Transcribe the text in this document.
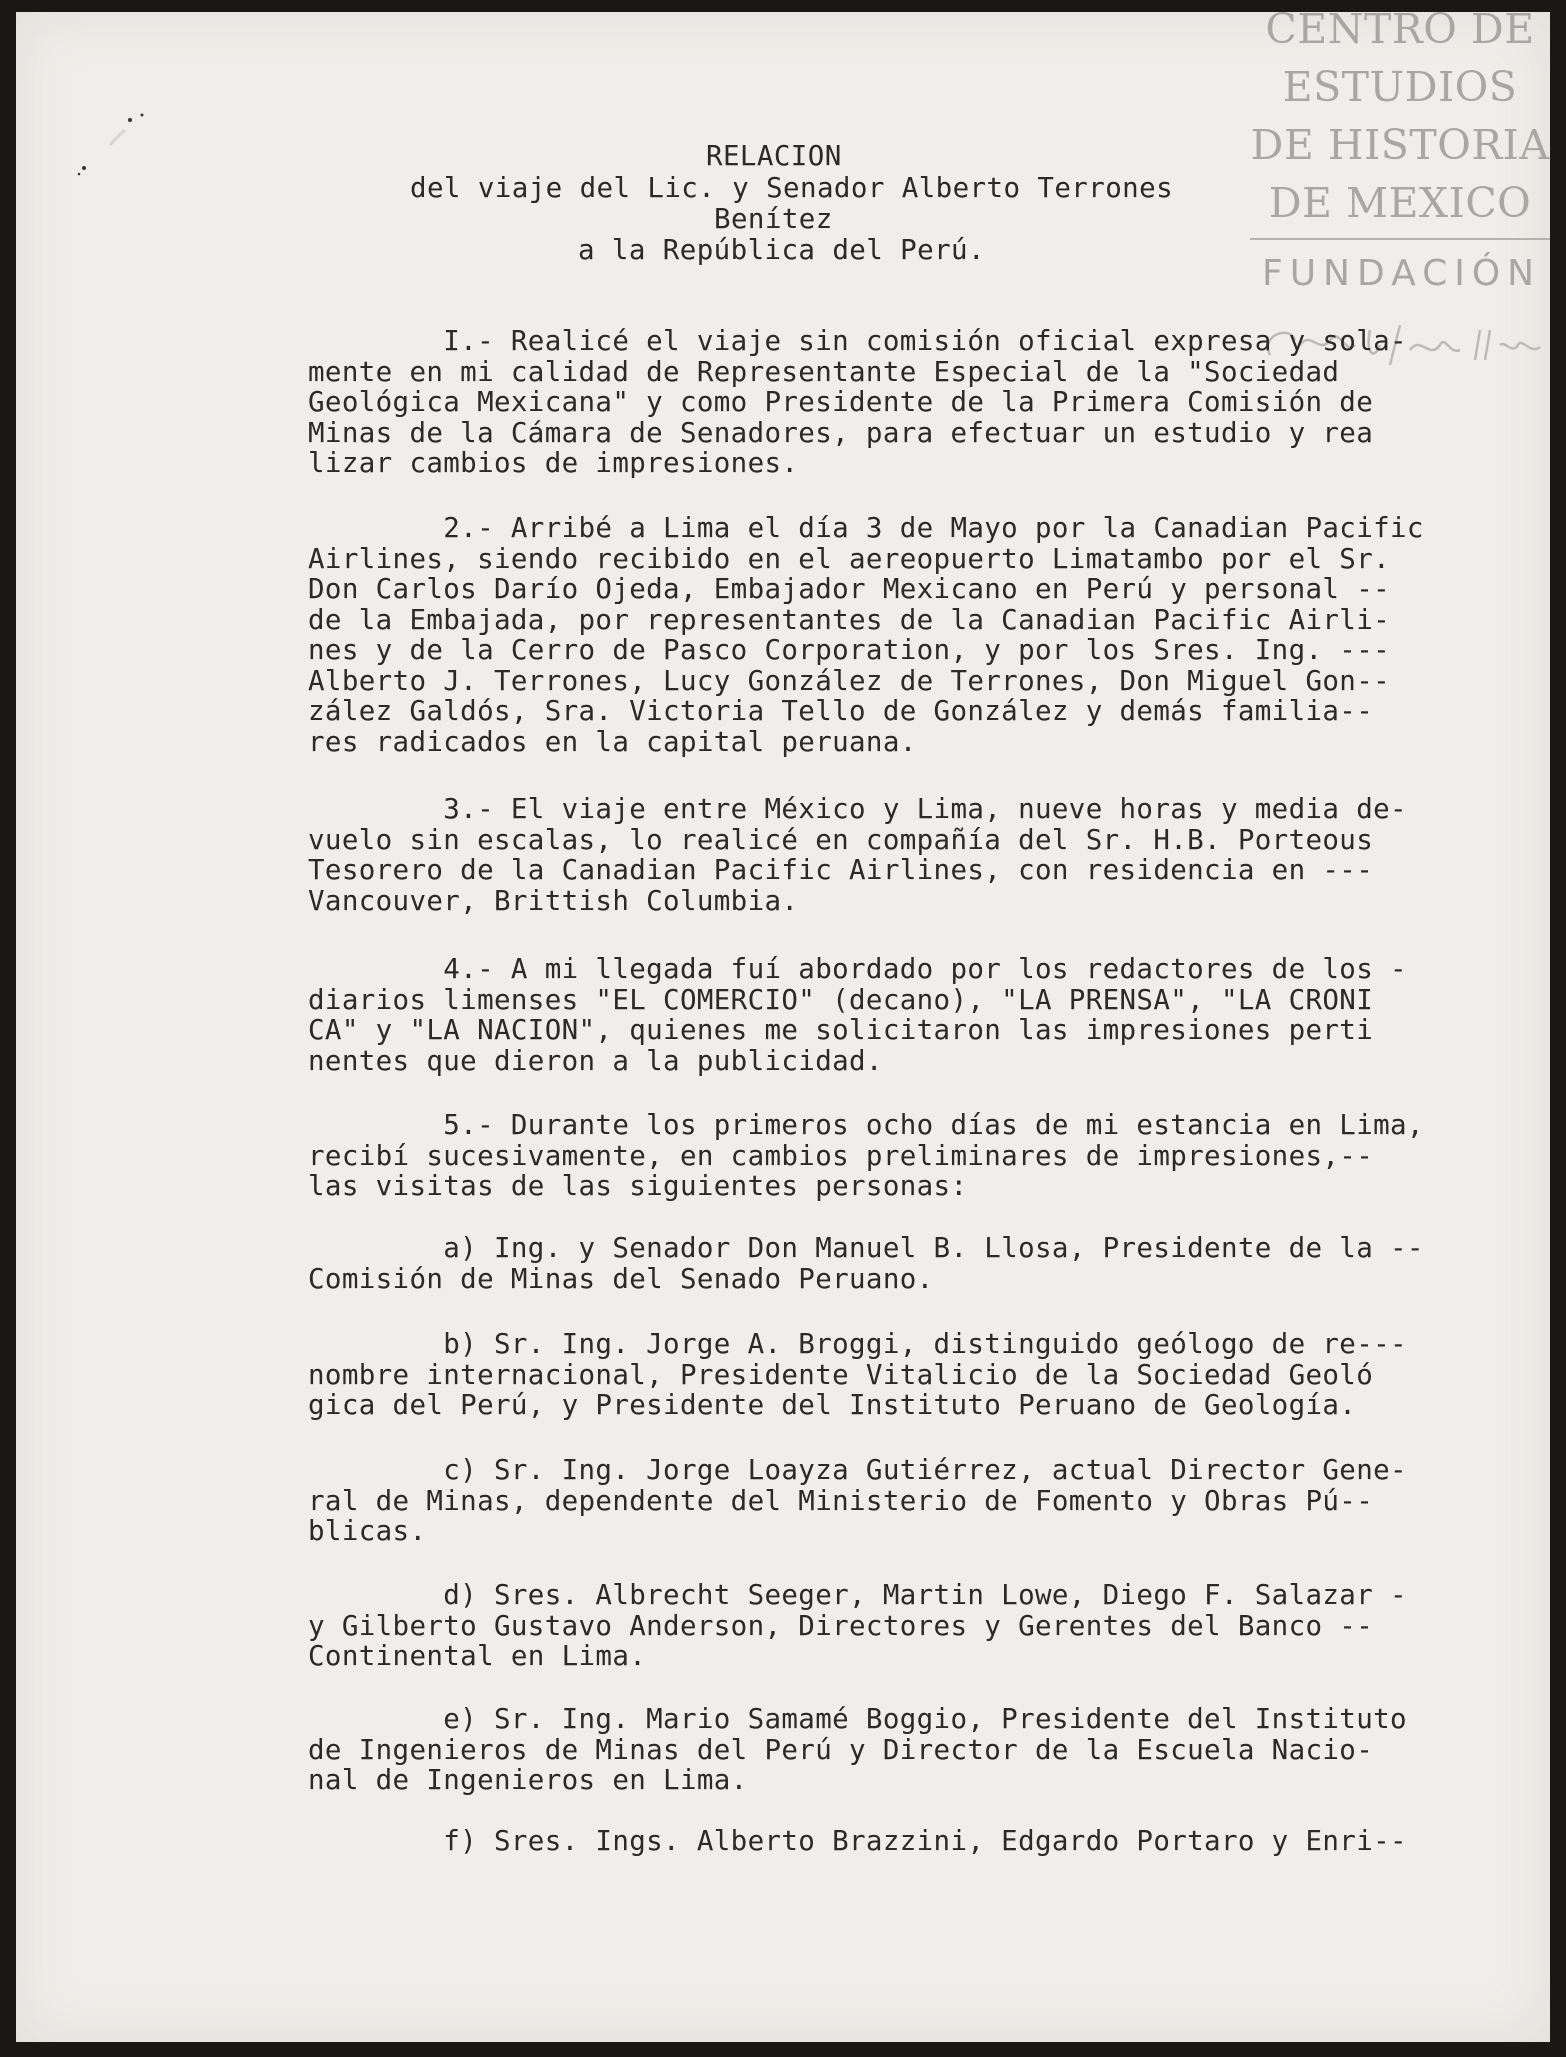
CENTRO DE
ESTUDIOS
DE HISTORIA
DE MEXICO
FUNDACIÓN
RELACION
del viaje del Lic. y Senador Alberto Terrones
Benítez
a la República del Perú.
I.- Realicé el viaje sin comisión oficial expresa y sola-
mente en mi calidad de Representante Especial de la "Sociedad
Geológica Mexicana" y como Presidente de la Primera Comisión de
Minas de la Cámara de Senadores, para efectuar un estudio y rea
lizar cambios de impresiones.
2.- Arribé a Lima el día 3 de Mayo por la Canadian Pacific
Airlines, siendo recibido en el aereopuerto Limatambo por el Sr.
Don Carlos Darío Ojeda, Embajador Mexicano en Perú y personal --
de la Embajada, por representantes de la Canadian Pacific Airli-
nes y de la Cerro de Pasco Corporation, y por los Sres. Ing. ---
Alberto J. Terrones, Lucy González de Terrones, Don Miguel Gon--
zález Galdós, Sra. Victoria Tello de González y demás familia--
res radicados en la capital peruana.
3.- El viaje entre México y Lima, nueve horas y media de-
vuelo sin escalas, lo realicé en compañía del Sr. H.B. Porteous
Tesorero de la Canadian Pacific Airlines, con residencia en ---
Vancouver, Brittish Columbia.
4.- A mi llegada fuí abordado por los redactores de los -
diarios limenses "EL COMERCIO" (decano), "LA PRENSA", "LA CRONI
CA" y "LA NACION", quienes me solicitaron las impresiones perti
nentes que dieron a la publicidad.
5.- Durante los primeros ocho días de mi estancia en Lima,
recibí sucesivamente, en cambios preliminares de impresiones,--
las visitas de las siguientes personas:
a) Ing. y Senador Don Manuel B. Llosa, Presidente de la --
Comisión de Minas del Senado Peruano.
b) Sr. Ing. Jorge A. Broggi, distinguido geólogo de re---
nombre internacional, Presidente Vitalicio de la Sociedad Geoló
gica del Perú, y Presidente del Instituto Peruano de Geología.
c) Sr. Ing. Jorge Loayza Gutiérrez, actual Director Gene-
ral de Minas, dependente del Ministerio de Fomento y Obras Pú--
blicas.
d) Sres. Albrecht Seeger, Martin Lowe, Diego F. Salazar -
y Gilberto Gustavo Anderson, Directores y Gerentes del Banco --
Continental en Lima.
e) Sr. Ing. Mario Samamé Boggio, Presidente del Instituto
de Ingenieros de Minas del Perú y Director de la Escuela Nacio-
nal de Ingenieros en Lima.
f) Sres. Ings. Alberto Brazzini, Edgardo Portaro y Enri--
